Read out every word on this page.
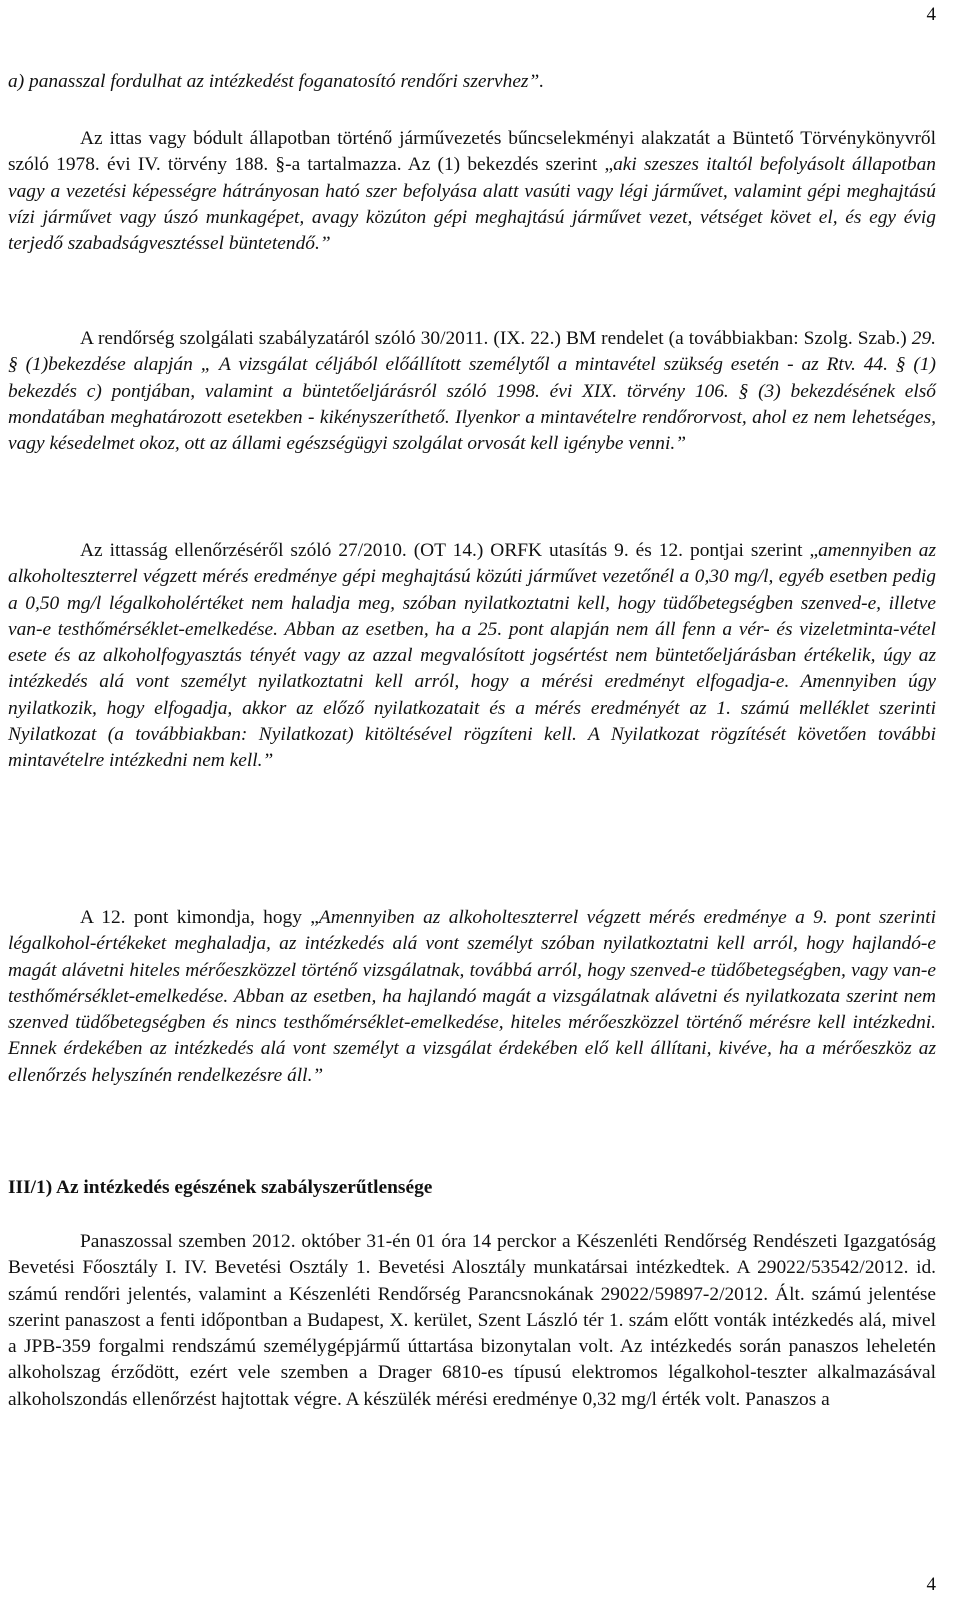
4

a) panasszal fordulhat az intézkedést foganatosító rendőri szervhez”.

Az ittas vagy bódult állapotban történő járművezetés bűncselekményi alakzatát a Büntető Törvénykönyvről szóló 1978. évi IV. törvény 188. §-a tartalmazza. Az (1) bekezdés szerint „aki szeszes italtól befolyásolt állapotban vagy a vezetési képességre hátrányosan ható szer befolyása alatt vasúti vagy légi járművet, valamint gépi meghajtású vízi járművet vagy úszó munkagépet, avagy közúton gépi meghajtású járművet vezet, vétséget követ el, és egy évig terjedő szabadságvesztéssel büntetendő.”

A rendőrség szolgálati szabályzatáról szóló 30/2011. (IX. 22.) BM rendelet (a továbbiakban: Szolg. Szab.) 29. § (1)bekezdése alapján „ A vizsgálat céljából előállított személytől a mintavétel szükség esetén - az Rtv. 44. § (1) bekezdés c) pontjában, valamint a büntetőeljárásról szóló 1998. évi XIX. törvény 106. § (3) bekezdésének első mondatában meghatározott esetekben - kikényszeríthető. Ilyenkor a mintavételre rendőrorvost, ahol ez nem lehetséges, vagy késedelmet okoz, ott az állami egészségügyi szolgálat orvosát kell igénybe venni.”

Az ittasság ellenőrzéséről szóló 27/2010. (OT 14.) ORFK utasítás 9. és 12. pontjai szerint „amennyiben az alkoholteszterrel végzett mérés eredménye gépi meghajtású közúti járművet vezetőnél a 0,30 mg/l, egyéb esetben pedig a 0,50 mg/l légalkoholértéket nem haladja meg, szóban nyilatkoztatni kell, hogy tüdőbetegségben szenved-e, illetve van-e testhőmérséklet-emelkedése. Abban az esetben, ha a 25. pont alapján nem áll fenn a vér- és vizeletminta-vétel esete és az alkoholfogyasztás tényét vagy az azzal megvalósított jogsértést nem büntetőeljárásban értékelik, úgy az intézkedés alá vont személyt nyilatkoztatni kell arról, hogy a mérési eredményt elfogadja-e. Amennyiben úgy nyilatkozik, hogy elfogadja, akkor az előző nyilatkozatait és a mérés eredményét az 1. számú melléklet szerinti Nyilatkozat (a továbbiakban: Nyilatkozat) kitöltésével rögzíteni kell. A Nyilatkozat rögzítését követően további mintavételre intézkedni nem kell.”

A 12. pont kimondja, hogy „Amennyiben az alkoholteszterrel végzett mérés eredménye a 9. pont szerinti légalkohol-értékeket meghaladja, az intézkedés alá vont személyt szóban nyilatkoztatni kell arról, hogy hajlandó-e magát alávetni hiteles mérőeszközzel történő vizsgálatnak, továbbá arról, hogy szenved-e tüdőbetegségben, vagy van-e testhőmérséklet-emelkedése. Abban az esetben, ha hajlandó magát a vizsgálatnak alávetni és nyilatkozata szerint nem szenved tüdőbetegségben és nincs testhőmérséklet-emelkedése, hiteles mérőeszközzel történő mérésre kell intézkedni. Ennek érdekében az intézkedés alá vont személyt a vizsgálat érdekében elő kell állítani, kivéve, ha a mérőeszköz az ellenőrzés helyszínén rendelkezésre áll.”

III/1) Az intézkedés egészének szabályszerűtlensége

Panaszossal szemben 2012. október 31-én 01 óra 14 perckor a Készenléti Rendőrség Rendészeti Igazgatóság Bevetési Főosztály I. IV. Bevetési Osztály 1. Bevetési Alosztály munkatársai intézkedtek. A 29022/53542/2012. id. számú rendőri jelentés, valamint a Készenléti Rendőrség Parancsnokának 29022/59897-2/2012. Ált. számú jelentése szerint panaszost a fenti időpontban a Budapest, X. kerület, Szent László tér 1. szám előtt vonták intézkedés alá, mivel a JPB-359 forgalmi rendszámú személygépjármű úttartása bizonytalan volt. Az intézkedés során panaszos leheletén alkoholszag érződött, ezért vele szemben a Drager 6810-es típusú elektromos légalkohol-teszter alkalmazásával alkoholszondás ellenőrzést hajtottak végre. A készülék mérési eredménye 0,32 mg/l érték volt. Panaszos a

4
